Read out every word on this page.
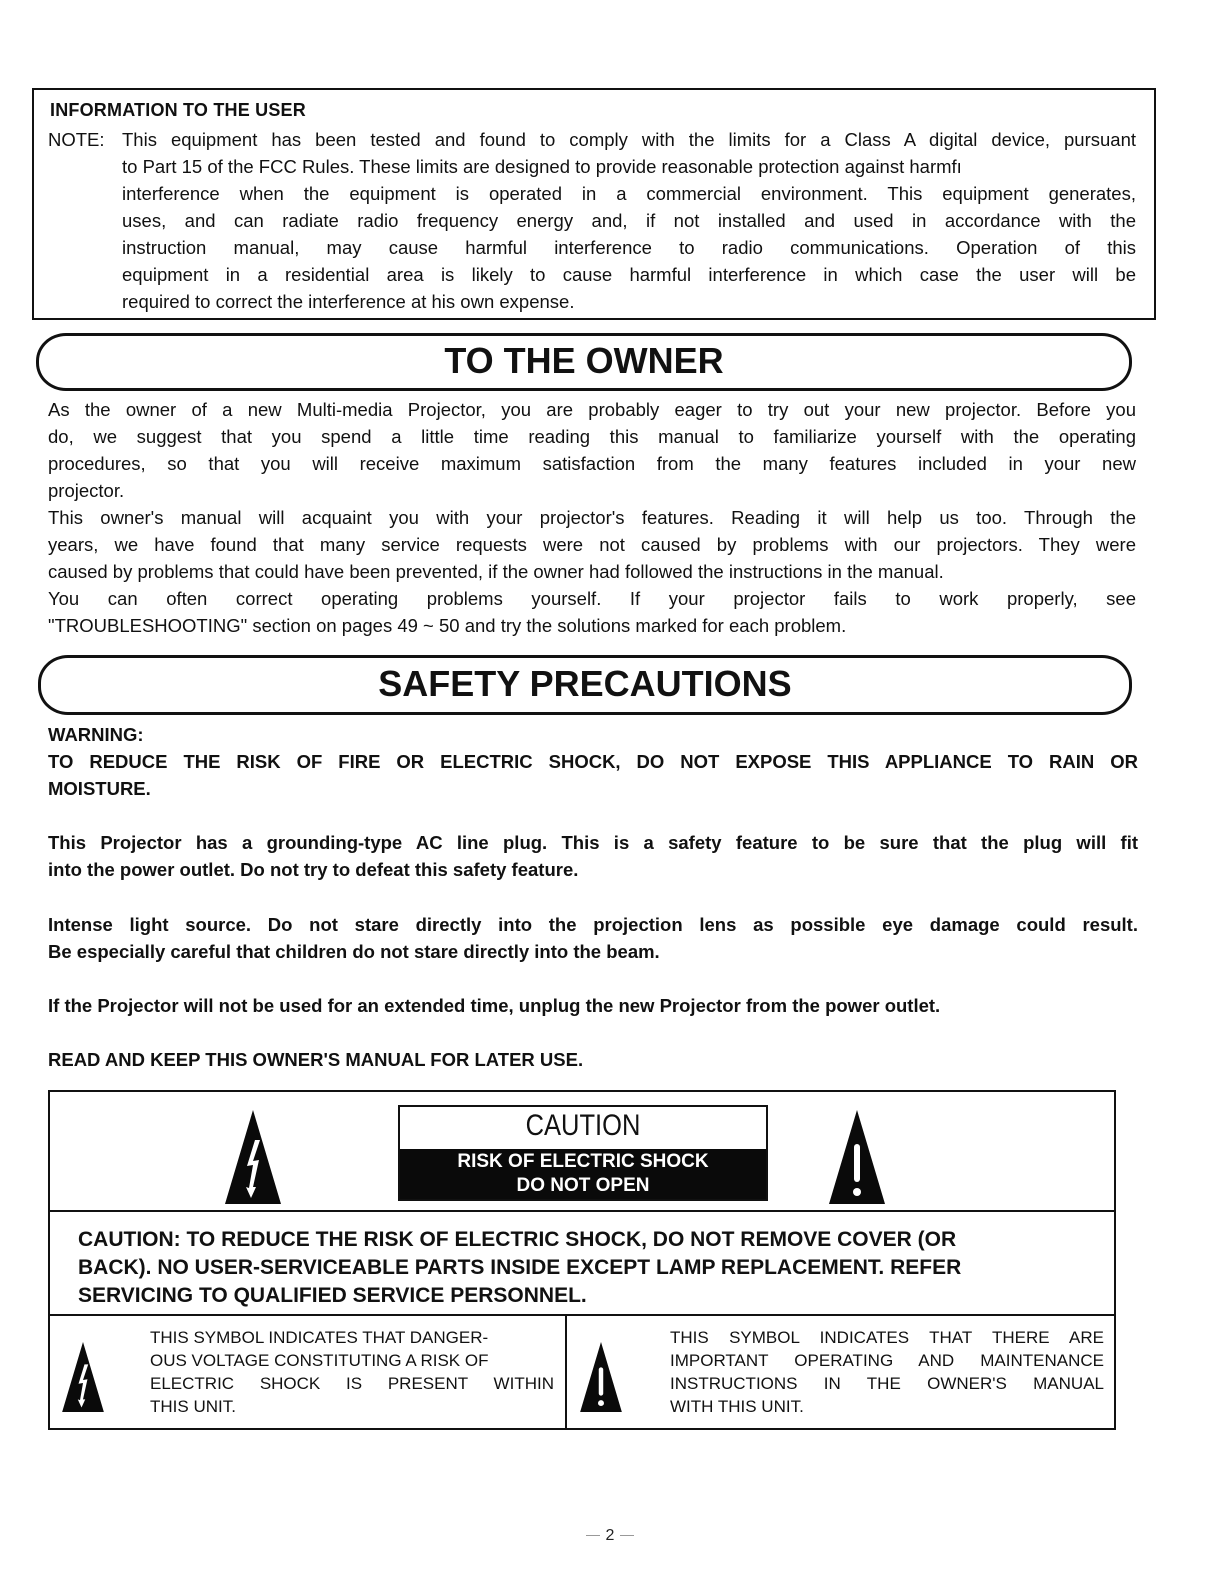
INFORMATION TO THE USER
NOTE: This equipment has been tested and found to comply with the limits for a Class A digital device, pursuant
to Part 15 of the FCC Rules. These limits are designed to provide reasonable protection against harmfı
interference when the equipment is operated in a commercial environment. This equipment generates,
uses, and can radiate radio frequency energy and, if not installed and used in accordance with the
instruction manual, may cause harmful interference to radio communications. Operation of this
equipment in a residential area is likely to cause harmful interference in which case the user will be
required to correct the interference at his own expense.
TO THE OWNER
As the owner of a new Multi-media Projector, you are probably eager to try out your new projector. Before you
do, we suggest that you spend a little time reading this manual to familiarize yourself with the operating
procedures, so that you will receive maximum satisfaction from the many features included in your new
projector.
This owner's manual will acquaint you with your projector's features. Reading it will help us too. Through the
years, we have found that many service requests were not caused by problems with our projectors. They were
caused by problems that could have been prevented, if the owner had followed the instructions in the manual.
You can often correct operating problems yourself. If your projector fails to work properly, see
"TROUBLESHOOTING" section on pages 49 ~ 50 and try the solutions marked for each problem.
SAFETY PRECAUTIONS
WARNING:
TO REDUCE THE RISK OF FIRE OR ELECTRIC SHOCK, DO NOT EXPOSE THIS APPLIANCE TO RAIN OR
MOISTURE.
This Projector has a grounding-type AC line plug. This is a safety feature to be sure that the plug will fit
into the power outlet. Do not try to defeat this safety feature.
Intense light source. Do not stare directly into the projection lens as possible eye damage could result.
Be especially careful that children do not stare directly into the beam.
If the Projector will not be used for an extended time, unplug the new Projector from the power outlet.
READ AND KEEP THIS OWNER'S MANUAL FOR LATER USE.
CAUTION
RISK OF ELECTRIC SHOCK
DO NOT OPEN
CAUTION: TO REDUCE THE RISK OF ELECTRIC SHOCK, DO NOT REMOVE COVER (OR
BACK). NO USER-SERVICEABLE PARTS INSIDE EXCEPT LAMP REPLACEMENT. REFER
SERVICING TO QUALIFIED SERVICE PERSONNEL.
THIS SYMBOL INDICATES THAT DANGER-
OUS VOLTAGE CONSTITUTING A RISK OF
ELECTRIC SHOCK IS PRESENT WITHIN
THIS UNIT.
THIS SYMBOL INDICATES THAT THERE ARE
IMPORTANT OPERATING AND MAINTENANCE
INSTRUCTIONS IN THE OWNER'S MANUAL
WITH THIS UNIT.
2
